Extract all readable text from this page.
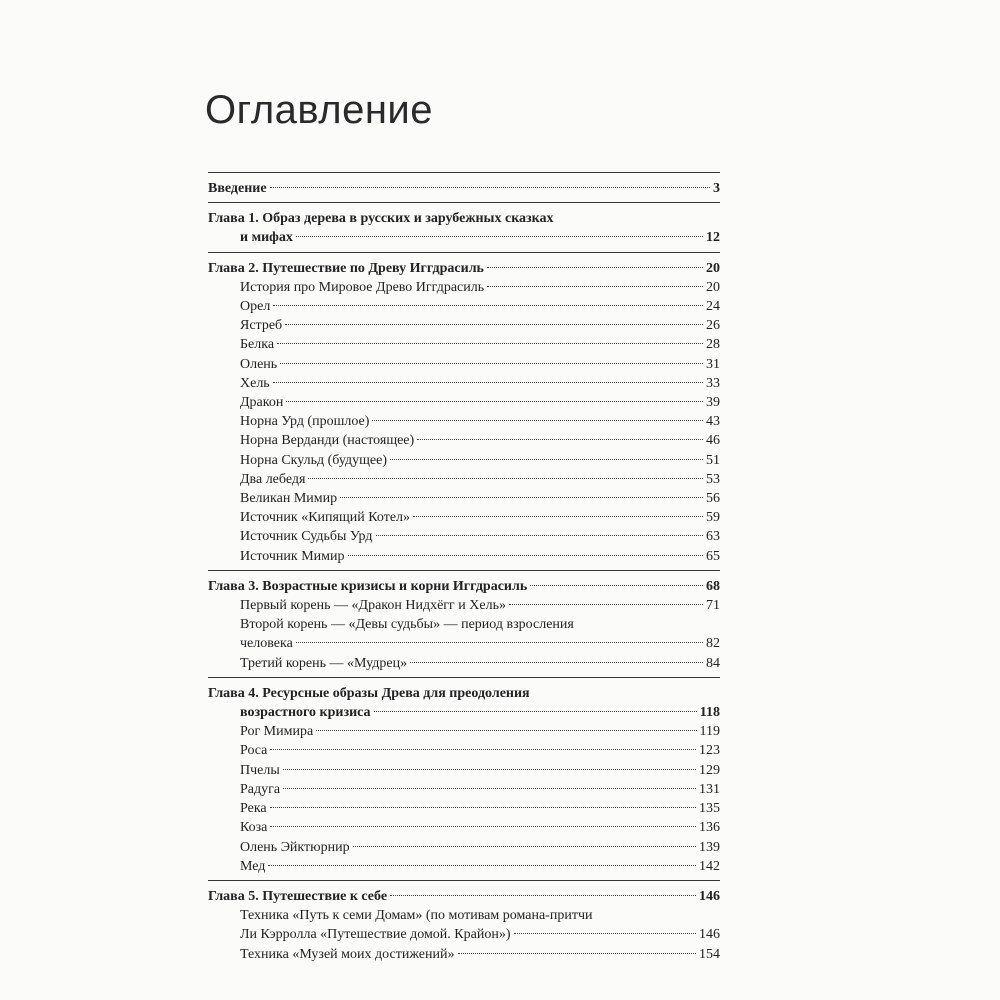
Оглавление
Введение	3
Глава 1. Образ дерева в русских и зарубежных сказках
и мифах	12
Глава 2. Путешествие по Древу Иггдрасиль	20
История про Мировое Древо Иггдрасиль	20
Орел	24
Ястреб	26
Белка	28
Олень	31
Хель	33
Дракон	39
Норна Урд (прошлое)	43
Норна Верданди (настоящее)	46
Норна Скульд (будущее)	51
Два лебедя	53
Великан Мимир	56
Источник «Кипящий Котел»	59
Источник Судьбы Урд	63
Источник Мимир	65
Глава 3. Возрастные кризисы и корни Иггдрасиль	68
Первый корень — «Дракон Нидхёгг и Хель»	71
Второй корень — «Девы судьбы» — период взросления
человека	82
Третий корень — «Мудрец»	84
Глава 4. Ресурсные образы Древа для преодоления
возрастного кризиса	118
Рог Мимира	119
Роса	123
Пчелы	129
Радуга	131
Река	135
Коза	136
Олень Эйктюрнир	139
Мед	142
Глава 5. Путешествие к себе	146
Техника «Путь к семи Домам» (по мотивам романа-притчи
Ли Кэрролла «Путешествие домой. Крайон»)	146
Техника «Музей моих достижений»	154
